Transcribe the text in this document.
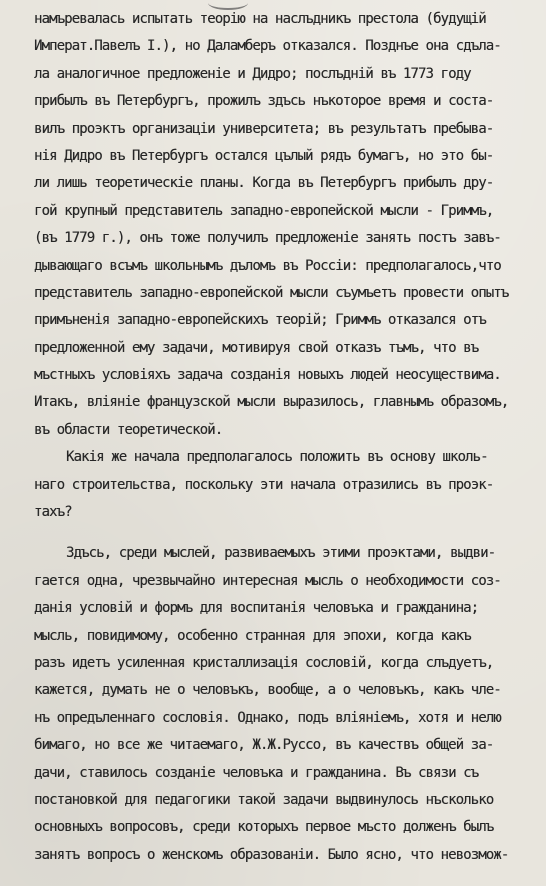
намъревалась испытать теорію на наслъдникъ престола (будущій
Императ.Павелъ I.), но Даламберъ отказался. Позднъе она сдъла-
ла аналогичное предложеніе и Дидро; послъдній въ 1773 году
прибылъ въ Петербургъ, прожилъ здъсь нъкоторое время и соста-
вилъ проэктъ организаціи университета; въ результатъ пребыва-
нія Дидро въ Петербургъ остался цълый рядъ бумагъ, но это бы-
ли лишь теоретическіе планы. Когда въ Петербургъ прибылъ дру-
гой крупный представитель западно-европейской мысли - Гриммъ,
(въ 1779 г.), онъ тоже получилъ предложеніе занять постъ завъ-
дывающаго всъмъ школьнымъ дъломъ въ Россіи: предполагалось,что
представитель западно-европейской мысли съумъетъ провести опытъ
примъненія западно-европейскихъ теорій; Гриммъ отказался отъ
предложенной ему задачи, мотивируя свой отказъ тъмъ, что въ
мъстныхъ условіяхъ задача созданія новыхъ людей неосуществима.
Итакъ, вліяніе французской мысли выразилось, главнымъ образомъ,
въ области теоретической.
Какія же начала предполагалось положить въ основу школь-
наго строительства, поскольку эти начала отразились въ проэк-
тахъ?
Здъсь, среди мыслей, развиваемыхъ этими проэктами, выдви-
гается одна, чрезвычайно интересная мысль о необходимости соз-
данія условій и формъ для воспитанія человъка и гражданина;
мысль, повидимому, особенно странная для эпохи, когда какъ
разъ идетъ усиленная кристаллизація сословій, когда слъдуетъ,
кажется, думать не о человъкъ, вообще, а о человъкъ, какъ чле-
нъ опредъленнаго сословія. Однако, подъ вліяніемъ, хотя и нелю
бимаго, но все же читаемаго, Ж.Ж.Руссо, въ качествъ общей за-
дачи, ставилось созданіе человъка и гражданина. Въ связи съ
постановкой для педагогики такой задачи выдвинулось нъсколько
основныхъ вопросовъ, среди которыхъ первое мъсто долженъ былъ
занятъ вопросъ о женскомъ образованіи. Было ясно, что невозмож-
